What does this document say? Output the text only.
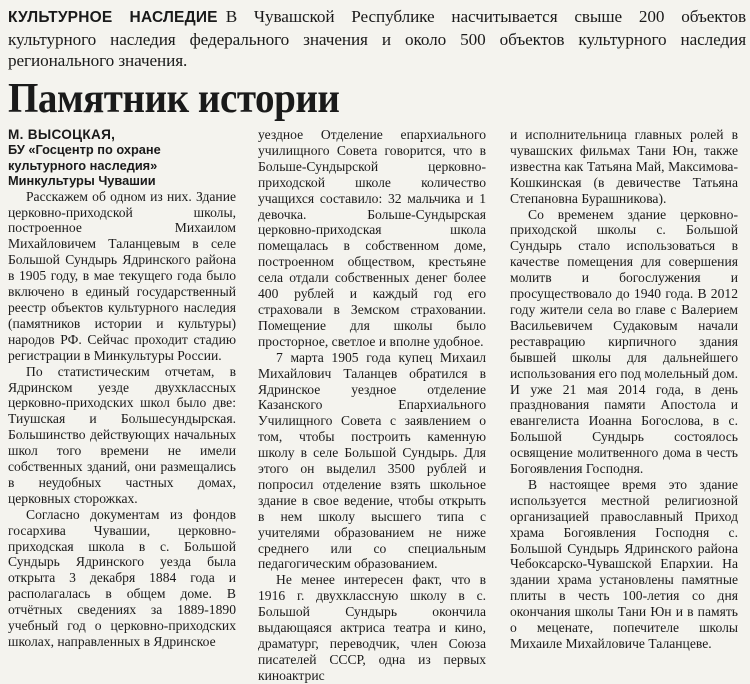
КУЛЬТУРНОЕ НАСЛЕДИЕ В Чувашской Республике насчитывается свыше 200 объектов культурного наследия федерального значения и около 500 объектов культурного наследия регионального значения.
Памятник истории
М. ВЫСОЦКАЯ,
БУ «Госцентр по охране культурного наследия»
Минкультуры Чувашии

Расскажем об одном из них. Здание церковно-приходской школы, построенное Михаилом Михайловичем Таланцевым в селе Большой Сундырь Ядринского района в 1905 году, в мае текущего года было включено в единый государственный реестр объектов культурного наследия (памятников истории и культуры) народов РФ. Сейчас проходит стадию регистрации в Минкультуры России.

По статистическим отчетам, в Ядринском уезде двухклассных церковно-приходских школ было две: Тиушская и Большесундырская. Большинство действующих начальных школ того времени не имели собственных зданий, они размещались в неудобных частных домах, церковных сторожках.

Согласно документам из фондов госархива Чувашии, церковно-приходская школа в с. Большой Сундырь Ядринского уезда была открыта 3 декабря 1884 года и располагалась в общем доме. В отчётных сведениях за 1889-1890 учебный год о церковно-приходских школах, направленных в Ядринское

уездное Отделение епархиального училищного Совета говорится, что в Больше-Сундырской церковно-приходской школе количество учащихся составило: 32 мальчика и 1 девочка. Больше-Сундырская церковно-приходская школа помещалась в собственном доме, построенном обществом, крестьяне села отдали собственных денег более 400 рублей и каждый год его страховали в Земском страховании. Помещение для школы было просторное, светлое и вполне удобное.

7 марта 1905 года купец Михаил Михайлович Таланцев обратился в Ядринское уездное отделение Казанского Епархиального Училищного Совета с заявлением о том, чтобы построить каменную школу в селе Большой Сундырь. Для этого он выделил 3500 рублей и попросил отделение взять школьное здание в свое ведение, чтобы открыть в нем школу высшего типа с учителями образованием не ниже среднего или со специальным педагогическим образованием.

Не менее интересен факт, что в 1916 г. двухклассную школу в с. Большой Сундырь окончила выдающаяся актриса театра и кино, драматург, переводчик, член Союза писателей СССР, одна из первых киноактрис

и исполнительница главных ролей в чувашских фильмах Тани Юн, также известна как Татьяна Май, Максимова-Кошкинская (в девичестве Татьяна Степановна Бурашникова).

Со временем здание церковно-приходской школы с. Большой Сундырь стало использоваться в качестве помещения для совершения молитв и богослужения и просуществовало до 1940 года. В 2012 году жители села во главе с Валерием Васильевичем Судаковым начали реставрацию кирпичного здания бывшей школы для дальнейшего использования его под молельный дом. И уже 21 мая 2014 года, в день празднования памяти Апостола и евангелиста Иоанна Богослова, в с. Большой Сундырь состоялось освящение молитвенного дома в честь Богоявления Господня.

В настоящее время это здание используется местной религиозной организацией православный Приход храма Богоявления Господня с. Большой Сундырь Ядринского района Чебоксарско-Чувашской Епархии. На здании храма установлены памятные плиты в честь 100-летия со дня окончания школы Тани Юн и в память о меценате, попечителе школы Михаиле Михайловиче Таланцеве.
